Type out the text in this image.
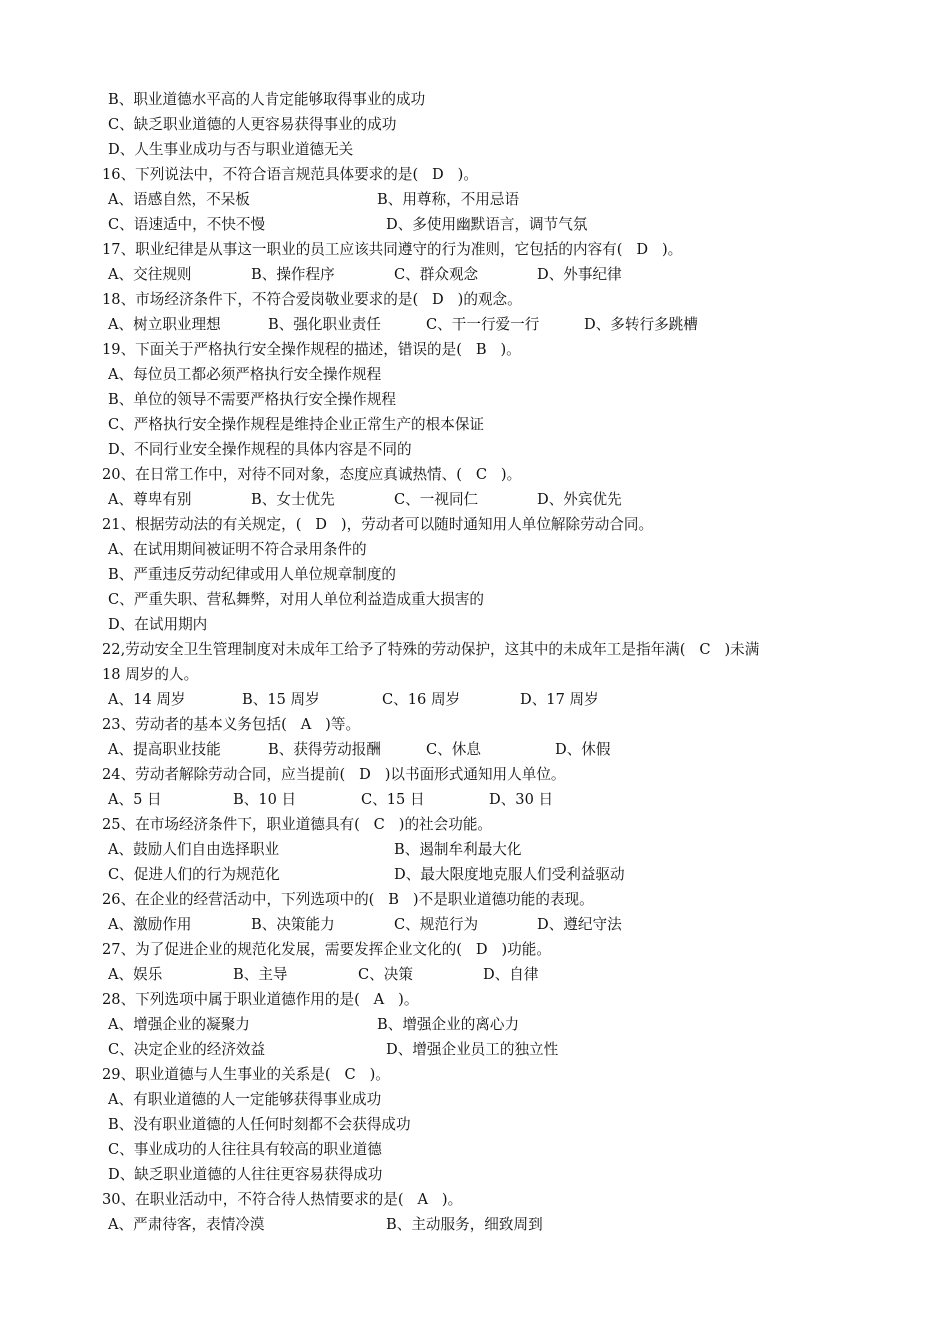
B、职业道德水平高的人肯定能够取得事业的成功
C、缺乏职业道德的人更容易获得事业的成功
D、人生事业成功与否与职业道德无关
16、下列说法中，不符合语言规范具体要求的是(   D   )。
A、语感自然，不呆板	B、用尊称，不用忌语
C、语速适中，不快不慢	D、多使用幽默语言，调节气氛
17、职业纪律是从事这一职业的员工应该共同遵守的行为准则，它包括的内容有(   D   )。
A、交往规则	B、操作程序	C、群众观念	D、外事纪律
18、市场经济条件下，不符合爱岗敬业要求的是(   D   )的观念。
A、树立职业理想	B、强化职业责任	C、干一行爱一行	D、多转行多跳槽
19、下面关于严格执行安全操作规程的描述，错误的是(   B   )。
A、每位员工都必须严格执行安全操作规程
B、单位的领导不需要严格执行安全操作规程
C、严格执行安全操作规程是维持企业正常生产的根本保证
D、不同行业安全操作规程的具体内容是不同的
20、在日常工作中，对待不同对象，态度应真诚热情、(   C   )。
A、尊卑有别	B、女士优先	C、一视同仁	D、外宾优先
21、根据劳动法的有关规定，(   D   )，劳动者可以随时通知用人单位解除劳动合同。
A、在试用期间被证明不符合录用条件的
B、严重违反劳动纪律或用人单位规章制度的
C、严重失职、营私舞弊，对用人单位利益造成重大损害的
D、在试用期内
22,劳动安全卫生管理制度对未成年工给予了特殊的劳动保护，这其中的未成年工是指年满(   C   )未满
18 周岁的人。
A、14 周岁	B、15 周岁	C、16 周岁	D、17 周岁
23、劳动者的基本义务包括(   A   )等。
A、提高职业技能	B、获得劳动报酬	C、休息	D、休假
24、劳动者解除劳动合同，应当提前(   D   )以书面形式通知用人单位。
A、5 日	B、10 日	C、15 日	D、30 日
25、在市场经济条件下，职业道德具有(   C   )的社会功能。
A、鼓励人们自由选择职业	B、遏制牟利最大化
C、促进人们的行为规范化	D、最大限度地克服人们受利益驱动
26、在企业的经营活动中，下列选项中的(   B   )不是职业道德功能的表现。
A、激励作用	B、决策能力	C、规范行为	D、遵纪守法
27、为了促进企业的规范化发展，需要发挥企业文化的(   D   )功能。
A、娱乐	B、主导	C、决策	D、自律
28、下列选项中属于职业道德作用的是(   A   )。
A、增强企业的凝聚力	B、增强企业的离心力
C、决定企业的经济效益	D、增强企业员工的独立性
29、职业道德与人生事业的关系是(   C   )。
A、有职业道德的人一定能够获得事业成功
B、没有职业道德的人任何时刻都不会获得成功
C、事业成功的人往往具有较高的职业道德
D、缺乏职业道德的人往往更容易获得成功
30、在职业活动中，不符合待人热情要求的是(   A   )。
A、严肃待客，表情冷漠	B、主动服务，细致周到
